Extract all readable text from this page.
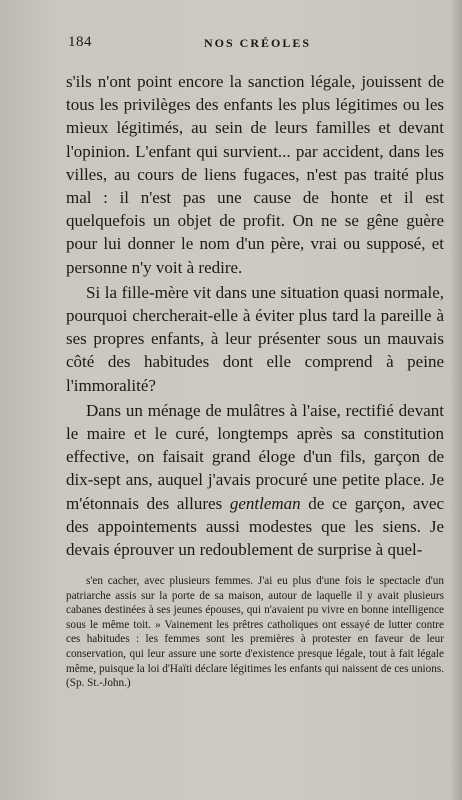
184	NOS CRÉOLES

s'ils n'ont point encore la sanction légale, jouissent de tous les privilèges des enfants les plus légitimes ou les mieux légitimés, au sein de leurs familles et devant l'opinion. L'enfant qui survient... par accident, dans les villes, au cours de liens fugaces, n'est pas traité plus mal : il n'est pas une cause de honte et il est quelquefois un objet de profit. On ne se gêne guère pour lui donner le nom d'un père, vrai ou supposé, et personne n'y voit à redire.

Si la fille-mère vit dans une situation quasi normale, pourquoi chercherait-elle à éviter plus tard la pareille à ses propres enfants, à leur présenter sous un mauvais côté des habitudes dont elle comprend à peine l'immoralité?

Dans un ménage de mulâtres à l'aise, rectifié devant le maire et le curé, longtemps après sa constitution effective, on faisait grand éloge d'un fils, garçon de dix-sept ans, auquel j'avais procuré une petite place. Je m'étonnais des allures gentleman de ce garçon, avec des appointements aussi modestes que les siens. Je devais éprouver un redoublement de surprise à quel-

s'en cacher, avec plusieurs femmes. J'ai eu plus d'une fois le spectacle d'un patriarche assis sur la porte de sa maison, autour de laquelle il y avait plusieurs cabanes destinées à ses jeunes épouses, qui n'avaient pu vivre en bonne intelligence sous le même toit. » Vainement les prêtres catholiques ont essayé de lutter contre ces habitudes : les femmes sont les premières à protester en faveur de leur conservation, qui leur assure une sorte d'existence presque légale, tout à fait légale même, puisque la loi d'Haïti déclare légitimes les enfants qui naissent de ces unions. (Sp. St.-John.)
